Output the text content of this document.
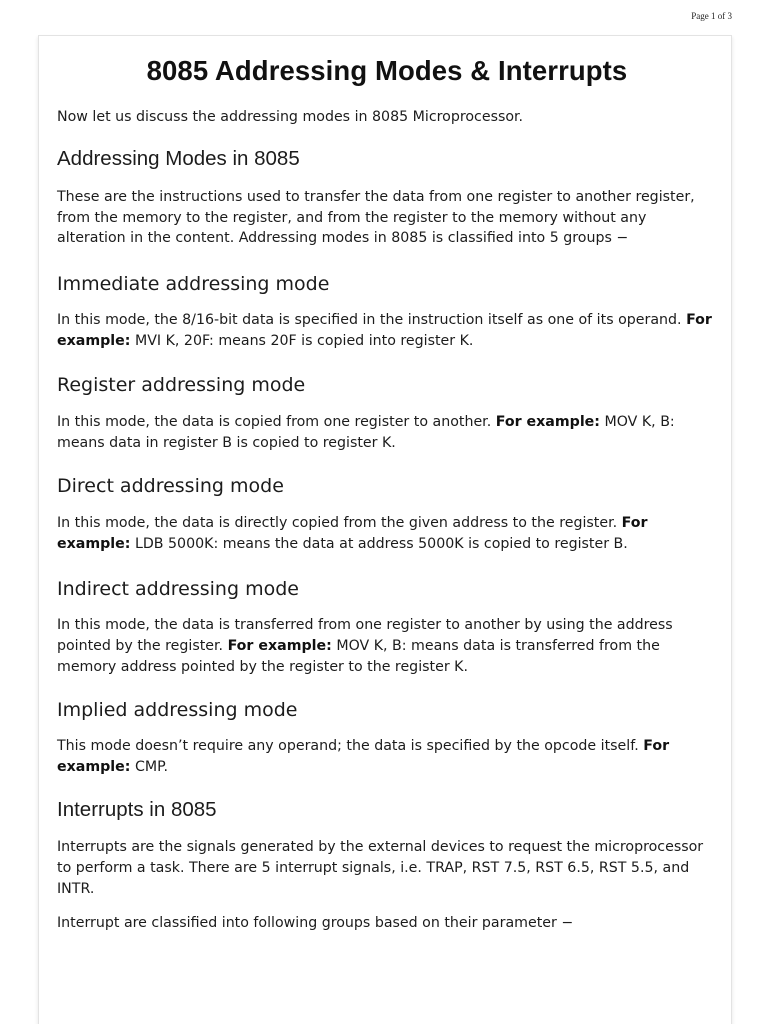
Page 1 of 3
8085 Addressing Modes & Interrupts

Now let us discuss the addressing modes in 8085 Microprocessor.

Addressing Modes in 8085

These are the instructions used to transfer the data from one register to another register, from the memory to the register, and from the register to the memory without any alteration in the content. Addressing modes in 8085 is classified into 5 groups −

Immediate addressing mode

In this mode, the 8/16-bit data is specified in the instruction itself as one of its operand. For example: MVI K, 20F: means 20F is copied into register K.

Register addressing mode

In this mode, the data is copied from one register to another. For example: MOV K, B: means data in register B is copied to register K.

Direct addressing mode

In this mode, the data is directly copied from the given address to the register. For example: LDB 5000K: means the data at address 5000K is copied to register B.

Indirect addressing mode

In this mode, the data is transferred from one register to another by using the address pointed by the register. For example: MOV K, B: means data is transferred from the memory address pointed by the register to the register K.

Implied addressing mode

This mode doesn’t require any operand; the data is specified by the opcode itself. For example: CMP.

Interrupts in 8085

Interrupts are the signals generated by the external devices to request the microprocessor to perform a task. There are 5 interrupt signals, i.e. TRAP, RST 7.5, RST 6.5, RST 5.5, and INTR.

Interrupt are classified into following groups based on their parameter −
